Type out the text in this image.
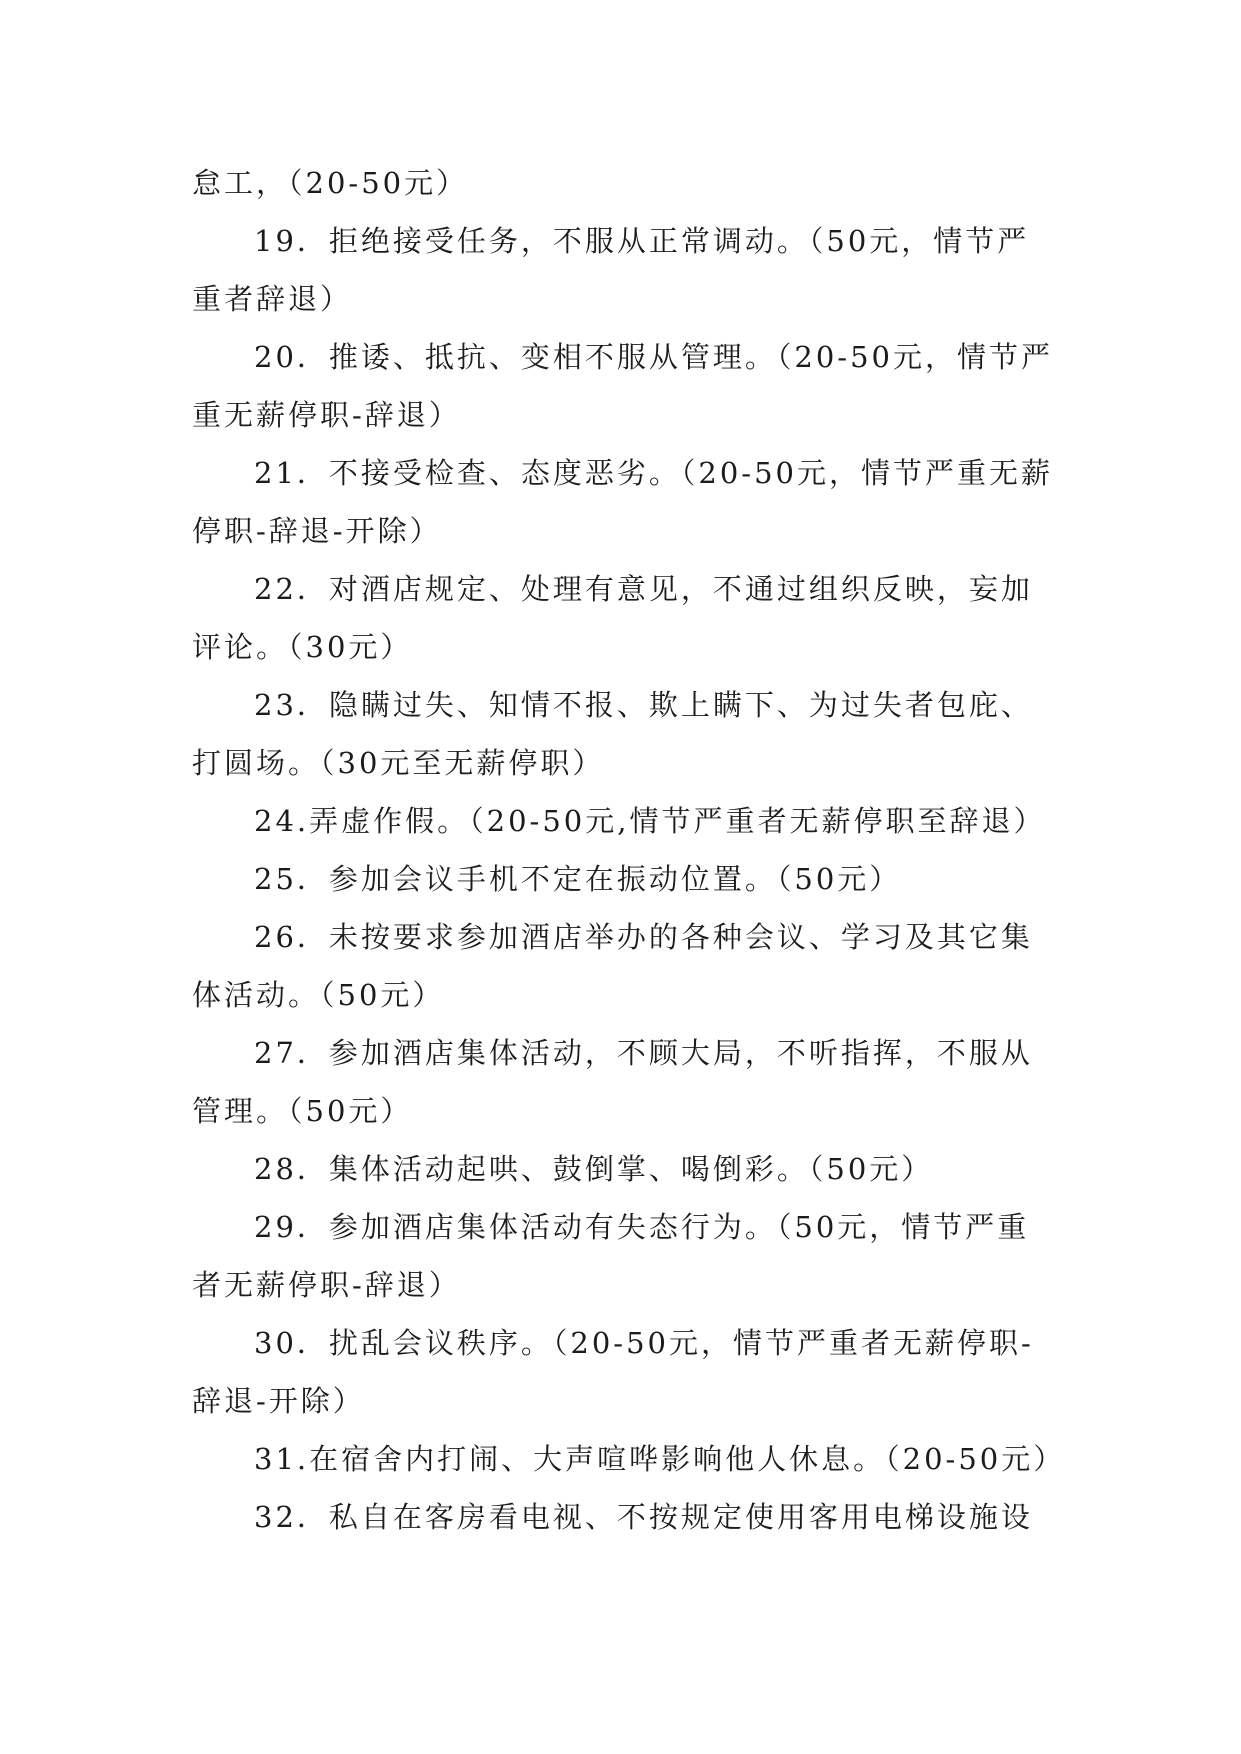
怠工，（20-50元）
19．拒绝接受任务，不服从正常调动。（50元，情节严
重者辞退）
20．推诿、抵抗、变相不服从管理。（20-50元，情节严
重无薪停职-辞退）
21．不接受检查、态度恶劣。（20-50元，情节严重无薪
停职-辞退-开除）
22．对酒店规定、处理有意见，不通过组织反映，妄加
评论。（30元）
23．隐瞒过失、知情不报、欺上瞒下、为过失者包庇、
打圆场。（30元至无薪停职）
24.弄虚作假。（20-50元,情节严重者无薪停职至辞退）
25．参加会议手机不定在振动位置。（50元）
26．未按要求参加酒店举办的各种会议、学习及其它集
体活动。（50元）
27．参加酒店集体活动，不顾大局，不听指挥，不服从
管理。（50元）
28．集体活动起哄、鼓倒掌、喝倒彩。（50元）
29．参加酒店集体活动有失态行为。（50元，情节严重
者无薪停职-辞退）
30．扰乱会议秩序。（20-50元，情节严重者无薪停职-
辞退-开除）
31.在宿舍内打闹、大声喧哗影响他人休息。（20-50元）
32．私自在客房看电视、不按规定使用客用电梯设施设
